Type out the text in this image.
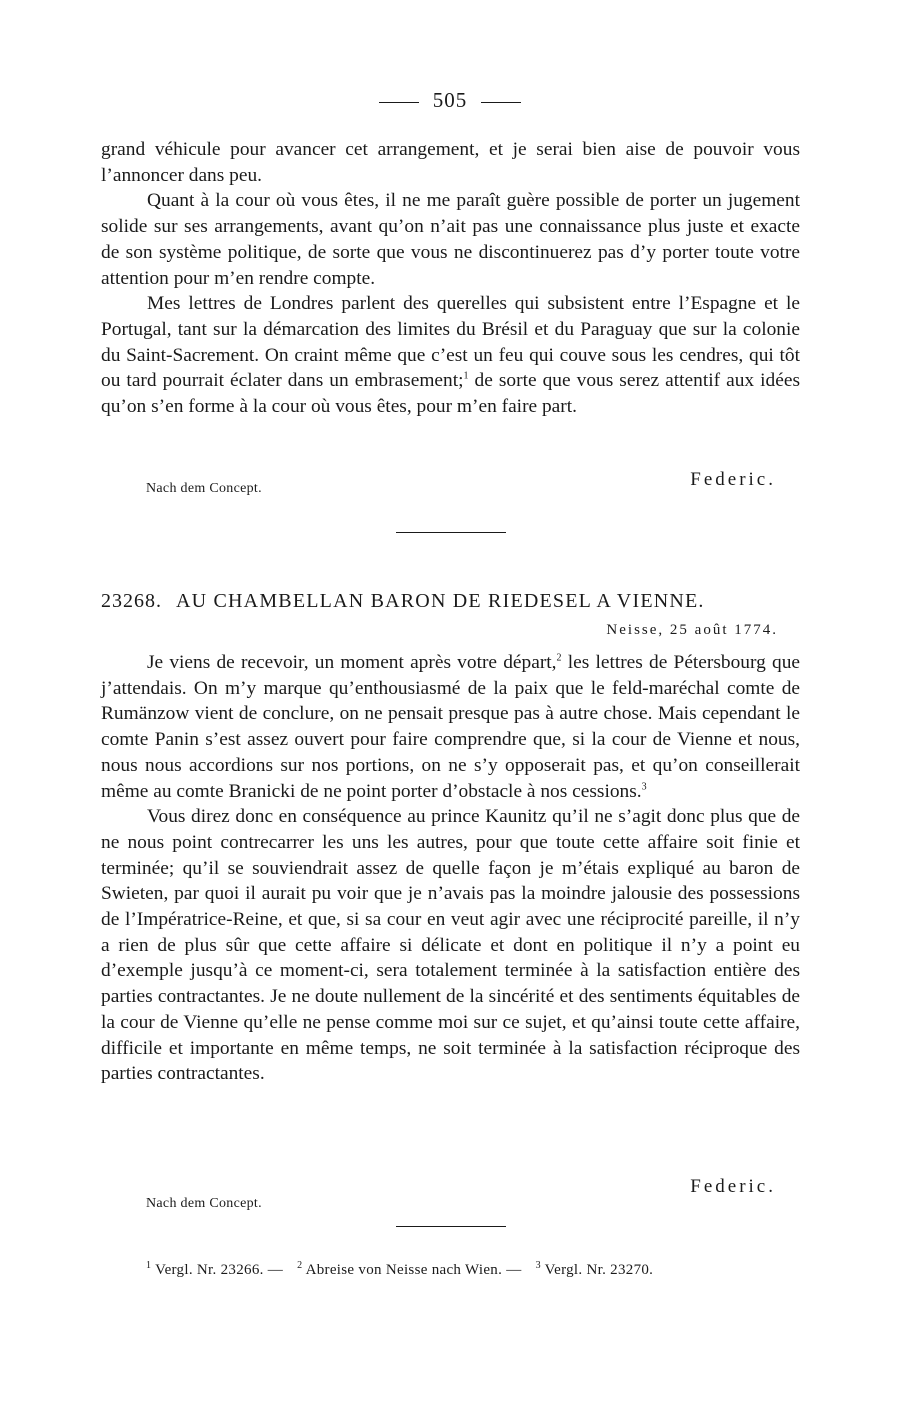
505

grand véhicule pour avancer cet arrangement, et je serai bien aise de pouvoir vous l’annoncer dans peu.

Quant à la cour où vous êtes, il ne me paraît guère possible de porter un jugement solide sur ses arrangements, avant qu’on n’ait pas une connaissance plus juste et exacte de son système politique, de sorte que vous ne discontinuerez pas d’y porter toute votre attention pour m’en rendre compte.

Mes lettres de Londres parlent des querelles qui subsistent entre l’Espagne et le Portugal, tant sur la démarcation des limites du Brésil et du Paraguay que sur la colonie du Saint-Sacrement. On craint même que c’est un feu qui couve sous les cendres, qui tôt ou tard pourrait éclater dans un embrasement;$^1$ de sorte que vous serez attentif aux idées qu’on s’en forme à la cour où vous êtes, pour m’en faire part.

Nach dem Concept.	Federic.
23268. AU CHAMBELLAN BARON DE RIEDESEL A VIENNE.
Neisse, 25 août 1774.

Je viens de recevoir, un moment après votre départ,$^2$ les lettres de Pétersbourg que j’attendais. On m’y marque qu’enthousiasmé de la paix que le feld-maréchal comte de Rumänzow vient de conclure, on ne pensait presque pas à autre chose. Mais cependant le comte Panin s’est assez ouvert pour faire comprendre que, si la cour de Vienne et nous, nous nous accordions sur nos portions, on ne s’y opposerait pas, et qu’on conseillerait même au comte Branicki de ne point porter d’obstacle à nos cessions.$^3$

Vous direz donc en conséquence au prince Kaunitz qu’il ne s’agit donc plus que de ne nous point contrecarrer les uns les autres, pour que toute cette affaire soit finie et terminée; qu’il se souviendrait assez de quelle façon je m’étais expliqué au baron de Swieten, par quoi il aurait pu voir que je n’avais pas la moindre jalousie des possessions de l’Impératrice-Reine, et que, si sa cour en veut agir avec une réciprocité pareille, il n’y a rien de plus sûr que cette affaire si délicate et dont en politique il n’y a point eu d’exemple jusqu’à ce moment-ci, sera totalement terminée à la satisfaction entière des parties contractantes. Je ne doute nullement de la sincérité et des sentiments équitables de la cour de Vienne qu’elle ne pense comme moi sur ce sujet, et qu’ainsi toute cette affaire, difficile et importante en même temps, ne soit terminée à la satisfaction réciproque des parties contractantes.

Nach dem Concept.
Federic.
$^1$ Vergl. Nr. 23266. — $^2$ Abreise von Neisse nach Wien. — $^3$ Vergl. Nr. 23270.
